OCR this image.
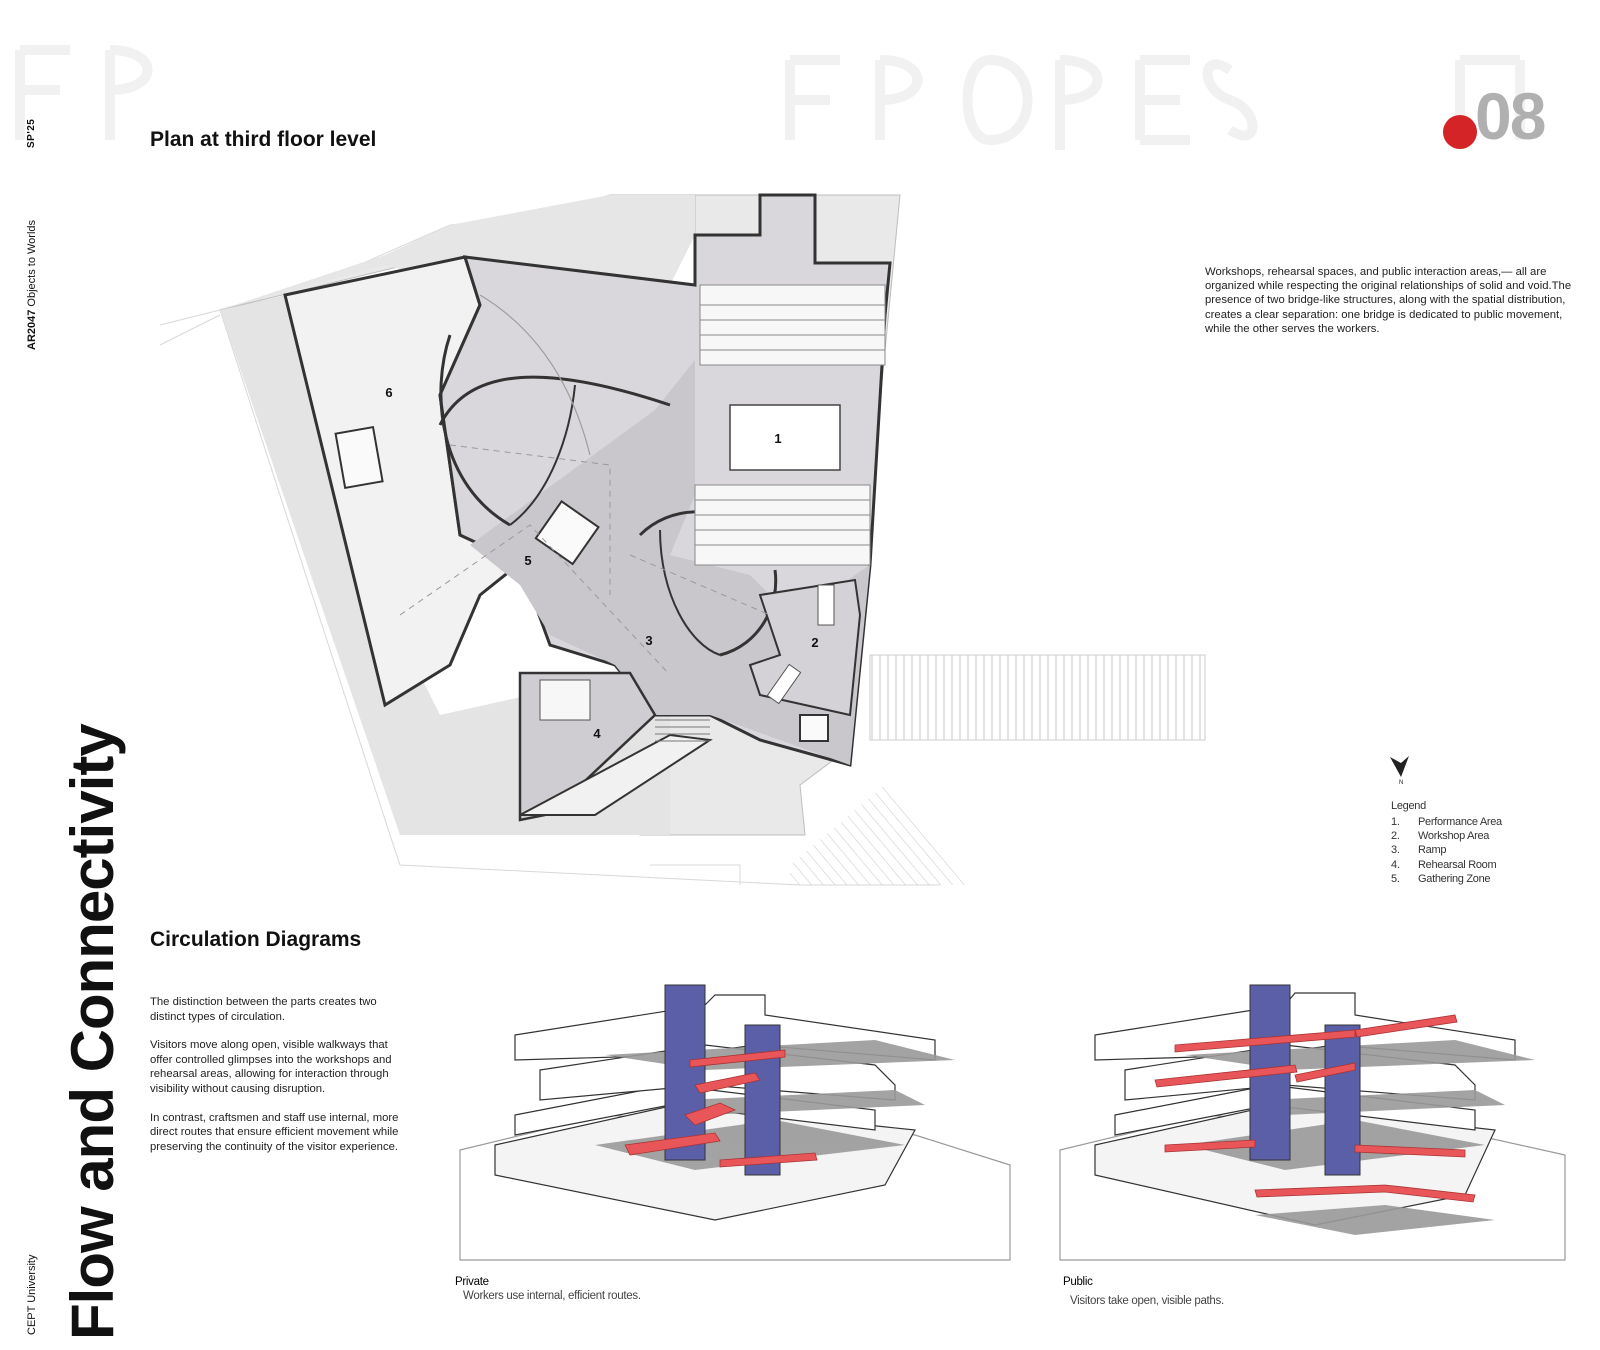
SP'25
AR2047 Objects to Worlds
CEPT University Flow and Connectivity
08
Plan at third floor level
1
2
3
4
5
6
Workshops, rehearsal spaces, and public interaction areas,— all are organized while respecting the original relationships of solid and void.The presence of two bridge-like structures, along with the spatial distribution, creates a clear separation: one bridge is dedicated to public movement, while the other serves the workers.
N
Legend
1.	Performance Area
2.	Workshop Area
3.	Ramp
4.	Rehearsal Room
5.	Gathering Zone
Circulation Diagrams

The distinction between the parts creates two distinct types of circulation.

Visitors move along open, visible walkways that offer controlled glimpses into the workshops and rehearsal areas, allowing for interaction through visibility without causing disruption.

In contrast, craftsmen and staff use internal, more direct routes that ensure efficient movement while preserving the continuity of the visitor experience.

Private
Workers use internal, efficient routes.
Public
Visitors take open, visible paths.
